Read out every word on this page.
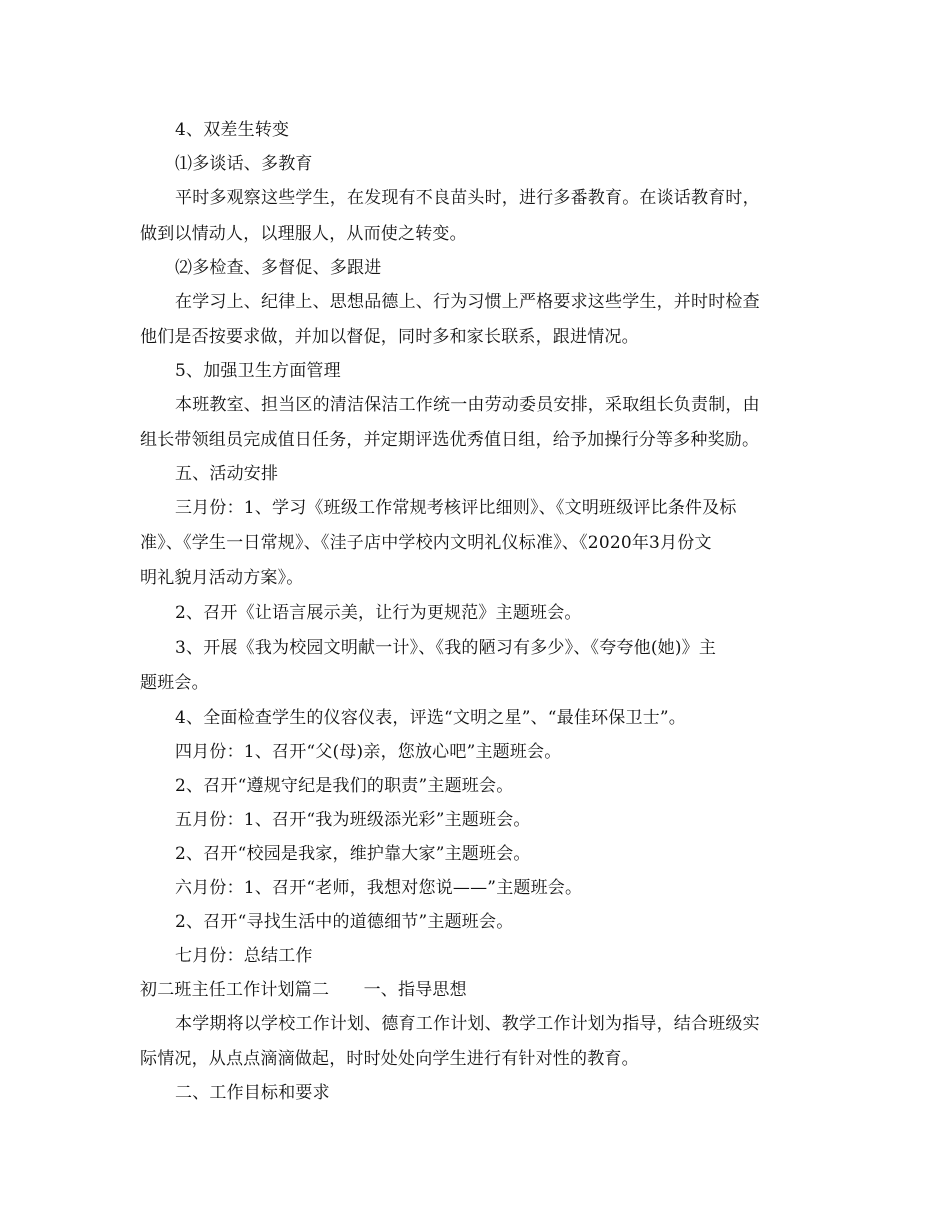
4、双差生转变
⑴多谈话、多教育
平时多观察这些学生，在发现有不良苗头时，进行多番教育。在谈话教育时，
做到以情动人，以理服人，从而使之转变。
⑵多检查、多督促、多跟进
在学习上、纪律上、思想品德上、行为习惯上严格要求这些学生，并时时检查
他们是否按要求做，并加以督促，同时多和家长联系，跟进情况。
5、加强卫生方面管理
本班教室、担当区的清洁保洁工作统一由劳动委员安排，采取组长负责制，由
组长带领组员完成值日任务，并定期评选优秀值日组，给予加操行分等多种奖励。
五、活动安排
三月份：1、学习《班级工作常规考核评比细则》、《文明班级评比条件及标
准》、《学生一日常规》、《洼子店中学校内文明礼仪标准》、《2020年3月份文
明礼貌月活动方案》。
2、召开《让语言展示美，让行为更规范》主题班会。
3、开展《我为校园文明献一计》、《我的陋习有多少》、《夸夸他(她)》主
题班会。
4、全面检查学生的仪容仪表，评选“文明之星”、“最佳环保卫士”。
四月份：1、召开“父(母)亲，您放心吧”主题班会。
2、召开“遵规守纪是我们的职责”主题班会。
五月份：1、召开“我为班级添光彩”主题班会。
2、召开“校园是我家，维护靠大家”主题班会。
六月份：1、召开“老师，我想对您说——”主题班会。
2、召开“寻找生活中的道德细节”主题班会。
七月份：总结工作
初二班主任工作计划篇二　　一、指导思想
本学期将以学校工作计划、德育工作计划、教学工作计划为指导，结合班级实
际情况，从点点滴滴做起，时时处处向学生进行有针对性的教育。
二、工作目标和要求
